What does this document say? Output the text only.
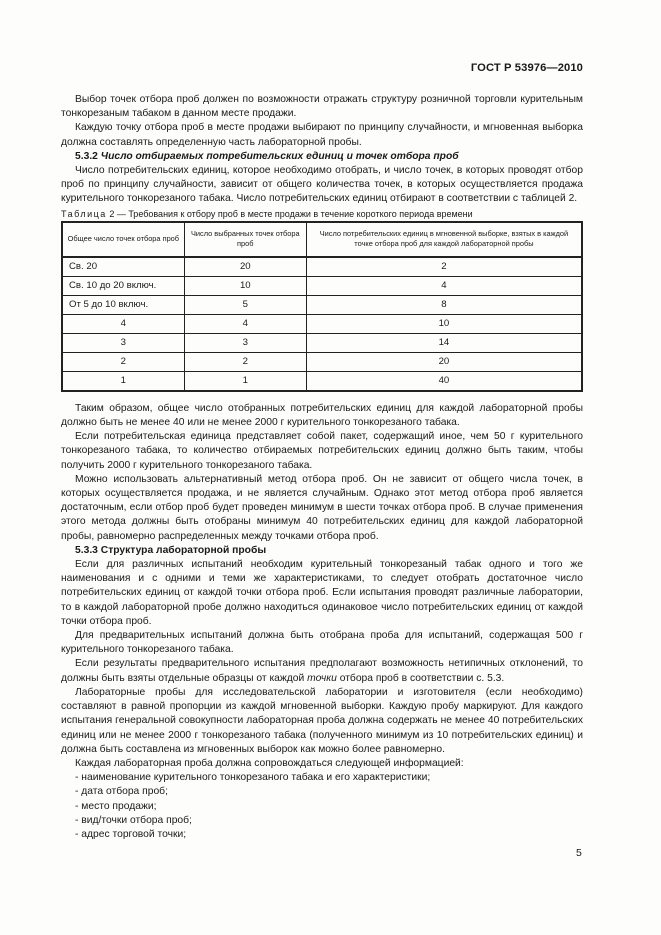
ГОСТ Р 53976—2010

Выбор точек отбора проб должен по возможности отражать структуру розничной торговли курительным тонкорезаным табаком в данном месте продажи.

Каждую точку отбора проб в месте продажи выбирают по принципу случайности, и мгновенная выборка должна составлять определенную часть лабораторной пробы.

5.3.2 Число отбираемых потребительских единиц и точек отбора проб

Число потребительских единиц, которое необходимо отобрать, и число точек, в которых проводят отбор проб по принципу случайности, зависит от общего количества точек, в которых осуществляется продажа курительного тонкорезаного табака. Число потребительских единиц отбирают в соответствии с таблицей 2.

Таблица 2 — Требования к отбору проб в месте продажи в течение короткого периода времени

Общее число точек отбора проб	Число выбранных точек отбора проб	Число потребительских единиц в мгновенной выборке, взятых в каждой точке отбора проб для каждой лабораторной пробы
Св. 20	20	2
Св. 10 до 20 включ.	10	4
От 5 до 10 включ.	5	8
4	4	10
3	3	14
2	2	20
1	1	40

Таким образом, общее число отобранных потребительских единиц для каждой лабораторной пробы должно быть не менее 40 или не менее 2000 г курительного тонкорезаного табака.

Если потребительская единица представляет собой пакет, содержащий иное, чем 50 г курительного тонкорезаного табака, то количество отбираемых потребительских единиц должно быть таким, чтобы получить 2000 г курительного тонкорезаного табака.

Можно использовать альтернативный метод отбора проб. Он не зависит от общего числа точек, в которых осуществляется продажа, и не является случайным. Однако этот метод отбора проб является достаточным, если отбор проб будет проведен минимум в шести точках отбора проб. В случае применения этого метода должны быть отобраны минимум 40 потребительских единиц для каждой лабораторной пробы, равномерно распределенных между точками отбора проб.

5.3.3 Структура лабораторной пробы

Если для различных испытаний необходим курительный тонкорезаный табак одного и того же наименования и с одними и теми же характеристиками, то следует отобрать достаточное число потребительских единиц от каждой точки отбора проб. Если испытания проводят различные лаборатории, то в каждой лабораторной пробе должно находиться одинаковое число потребительских единиц от каждой точки отбора проб.

Для предварительных испытаний должна быть отобрана проба для испытаний, содержащая 500 г курительного тонкорезаного табака.

Если результаты предварительного испытания предполагают возможность нетипичных отклонений, то должны быть взяты отдельные образцы от каждой точки отбора проб в соответствии с. 5.3.

Лабораторные пробы для исследовательской лаборатории и изготовителя (если необходимо) составляют в равной пропорции из каждой мгновенной выборки. Каждую пробу маркируют. Для каждого испытания генеральной совокупности лабораторная проба должна содержать не менее 40 потребительских единиц или не менее 2000 г тонкорезаного табака (полученного минимум из 10 потребительских единиц) и должна быть составлена из мгновенных выборок как можно более равномерно.

Каждая лабораторная проба должна сопровождаться следующей информацией:

- наименование курительного тонкорезаного табака и его характеристики;
- дата отбора проб;
- место продажи;
- вид/точки отбора проб;
- адрес торговой точки;
5
